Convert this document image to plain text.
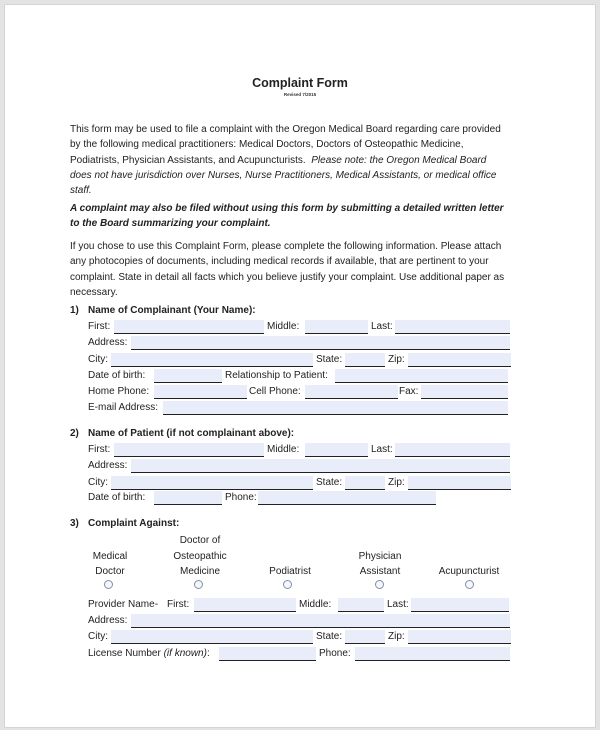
Complaint Form
Revised 7/2015
This form may be used to file a complaint with the Oregon Medical Board regarding care provided by the following medical practitioners: Medical Doctors, Doctors of Osteopathic Medicine, Podiatrists, Physician Assistants, and Acupuncturists. Please note: the Oregon Medical Board does not have jurisdiction over Nurses, Nurse Practitioners, Medical Assistants, or medical office staff.
A complaint may also be filed without using this form by submitting a detailed written letter to the Board summarizing your complaint.
If you chose to use this Complaint Form, please complete the following information. Please attach any photocopies of documents, including medical records if available, that are pertinent to your complaint. State in detail all facts which you believe justify your complaint. Use additional paper as necessary.
1) Name of Complainant (Your Name):
First:	Middle:	Last:
Address:
City:	State:	Zip:
Date of birth:	Relationship to Patient:
Home Phone:	Cell Phone:	Fax:
E-mail Address:
2) Name of Patient (if not complainant above):
First:	Middle:	Last:
Address:
City:	State:	Zip:
Date of birth:	Phone:
3) Complaint Against:

Medical
Doctor
Doctor of
Osteopathic
Medicine

	Podiatrist

Physician
Assistant

	Acupuncturist
Provider Name- First:	Middle:	Last:
Address:
City:	State:	Zip:
License Number (if known):	Phone:
